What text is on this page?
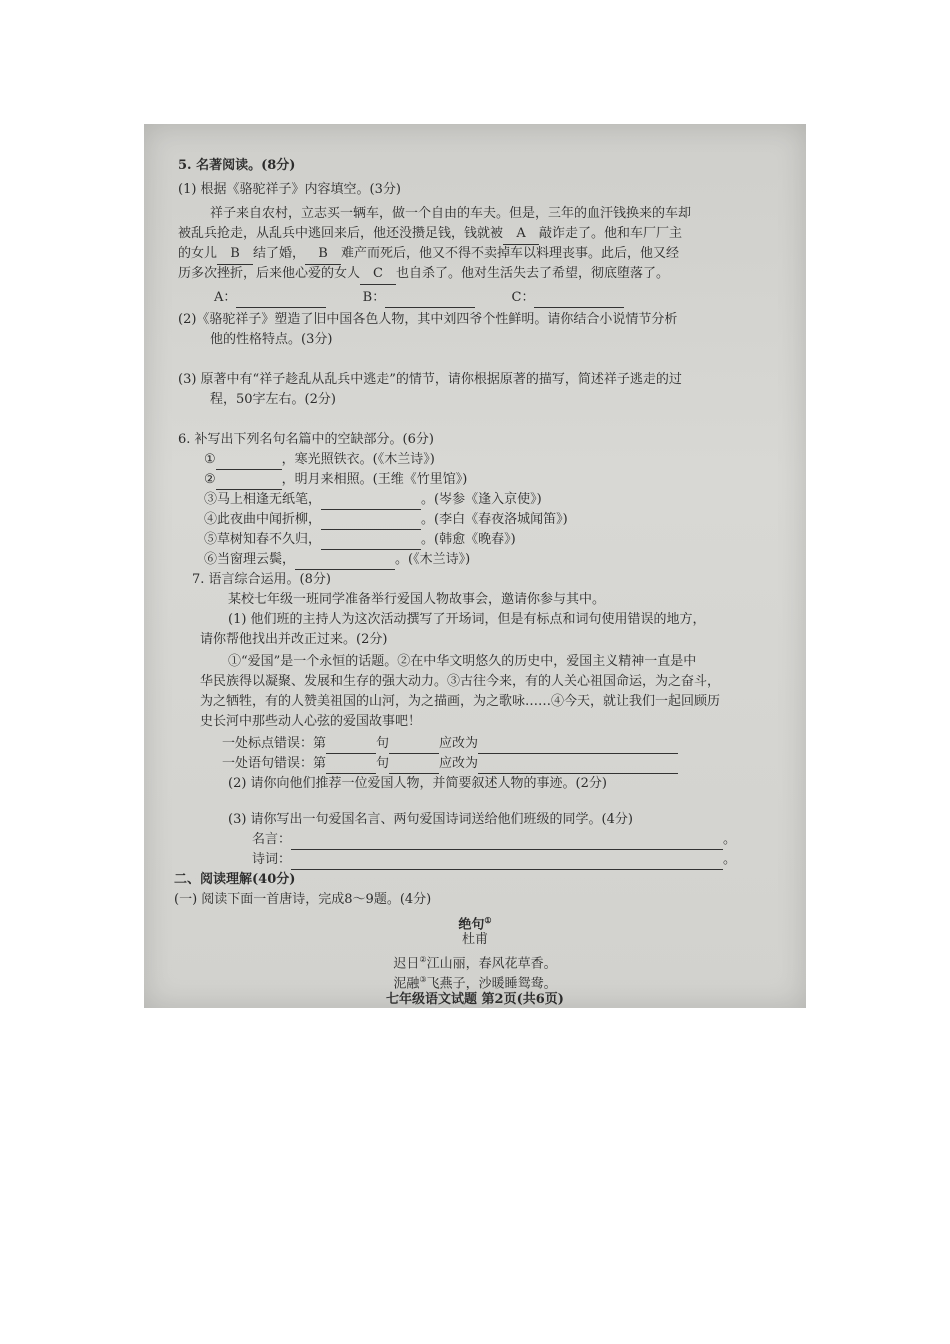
5. 名著阅读。(8分)
(1) 根据《骆驼祥子》内容填空。(3分)
祥子来自农村，立志买一辆车，做一个自由的车夫。但是，三年的血汗钱换来的车却
被乱兵抢走，从乱兵中逃回来后，他还没攒足钱，钱就被 A 敲诈走了。他和车厂厂主
的女儿 B 结了婚， B 难产而死后，他又不得不卖掉车以料理丧事。此后，他又经
历多次挫折，后来他心爱的女人 C 也自杀了。他对生活失去了希望，彻底堕落了。
A：	B：	C：
(2)《骆驼祥子》塑造了旧中国各色人物，其中刘四爷个性鲜明。请你结合小说情节分析
他的性格特点。(3分)
(3) 原著中有“祥子趁乱从乱兵中逃走”的情节，请你根据原著的描写，简述祥子逃走的过
程，50字左右。(2分)
6. 补写出下列名句名篇中的空缺部分。(6分)
①	，寒光照铁衣。(《木兰诗》)
②	，明月来相照。(王维《竹里馆》)
③马上相逢无纸笔，	。(岑参《逢入京使》)
④此夜曲中闻折柳，	。(李白《春夜洛城闻笛》)
⑤草树知春不久归，	。(韩愈《晚春》)
⑥当窗理云鬓，	。(《木兰诗》)
7. 语言综合运用。(8分)
某校七年级一班同学准备举行爱国人物故事会，邀请你参与其中。
(1) 他们班的主持人为这次活动撰写了开场词，但是有标点和词句使用错误的地方，
请你帮他找出并改正过来。(2分)
①“爱国”是一个永恒的话题。②在中华文明悠久的历史中，爱国主义精神一直是中
华民族得以凝聚、发展和生存的强大动力。③古往今来，有的人关心祖国命运，为之奋斗，
为之牺牲，有的人赞美祖国的山河，为之描画，为之歌咏……④今天，就让我们一起回顾历
史长河中那些动人心弦的爱国故事吧！
一处标点错误：第	句	应改为
一处语句错误：第	句	应改为
(2) 请你向他们推荐一位爱国人物，并简要叙述人物的事迹。(2分)
(3) 请你写出一句爱国名言、两句爱国诗词送给他们班级的同学。(4分)
名言：	。
诗词：	。
二、阅读理解(40分)
(一) 阅读下面一首唐诗，完成8～9题。(4分)
绝句①
杜甫
迟日②江山丽，春风花草香。
泥融③飞燕子，沙暖睡鸳鸯。
七年级语文试题 第2页(共6页)
